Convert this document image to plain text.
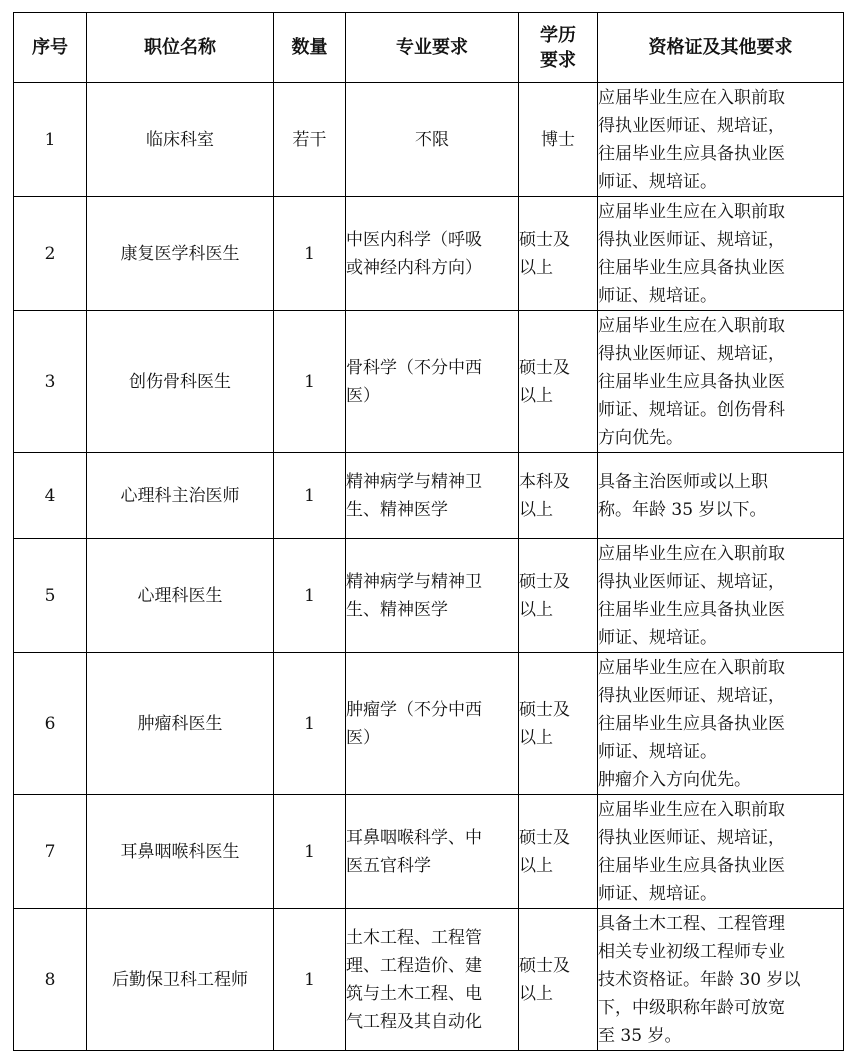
序号	职位名称	数量	专业要求	学历
要求	资格证及其他要求
1	临床科室	若干	不限	博士	应届毕业生应在入职前取
得执业医师证、规培证，
往届毕业生应具备执业医
师证、规培证。

2	康复医学科医生	1	中医内科学（呼吸
或神经内科方向）	硕士及
以上	应届毕业生应在入职前取
得执业医师证、规培证，
往届毕业生应具备执业医
师证、规培证。

3	创伤骨科医生	1	骨科学（不分中西
医）	硕士及
以上	应届毕业生应在入职前取
得执业医师证、规培证，
往届毕业生应具备执业医
师证、规培证。创伤骨科
方向优先。

4	心理科主治医师	1	精神病学与精神卫
生、精神医学	本科及
以上	具备主治医师或以上职
称。年龄 35 岁以下。

5	心理科医生	1	精神病学与精神卫
生、精神医学	硕士及
以上	应届毕业生应在入职前取
得执业医师证、规培证，
往届毕业生应具备执业医
师证、规培证。

6	肿瘤科医生	1	肿瘤学（不分中西
医）	硕士及
以上	应届毕业生应在入职前取
得执业医师证、规培证，
往届毕业生应具备执业医
师证、规培证。
肿瘤介入方向优先。

7	耳鼻咽喉科医生	1	耳鼻咽喉科学、中
医五官科学	硕士及
以上	应届毕业生应在入职前取
得执业医师证、规培证，
往届毕业生应具备执业医
师证、规培证。

8	后勤保卫科工程师	1	土木工程、工程管
理、工程造价、建
筑与土木工程、电
气工程及其自动化	硕士及
以上	具备土木工程、工程管理
相关专业初级工程师专业
技术资格证。年龄 30 岁以
下，中级职称年龄可放宽
至 35 岁。
